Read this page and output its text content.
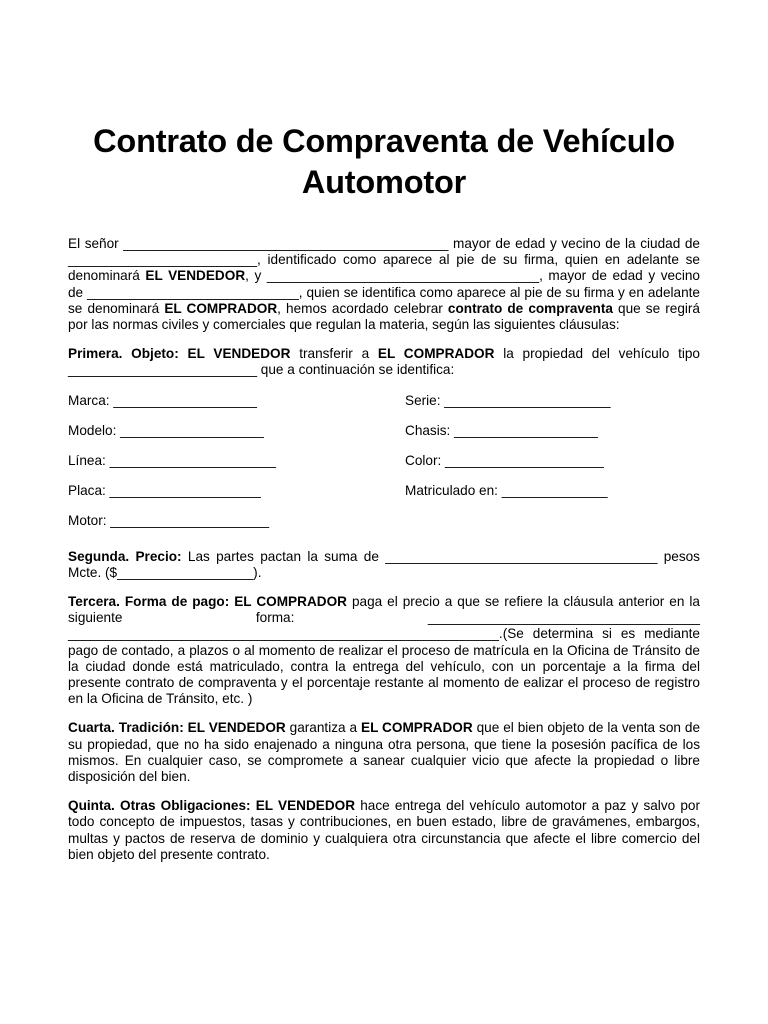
Contrato de Compraventa de Vehículo
Automotor

El señor ___________________________________________ mayor de edad y vecino de la ciudad de _________________________, identificado como aparece al pie de su firma, quien en adelante se denominará EL VENDEDOR, y ____________________________________, mayor de edad y vecino de ____________________________, quien se identifica como aparece al pie de su firma y en adelante se denominará EL COMPRADOR, hemos acordado celebrar contrato de compraventa que se regirá por las normas civiles y comerciales que regulan la materia, según las siguientes cláusulas:

Primera. Objeto: EL VENDEDOR transferir a EL COMPRADOR la propiedad del vehículo tipo _________________________ que a continuación se identifica:

Marca: ___________________	Serie: ______________________
Modelo: ___________________	Chasis: ___________________
Línea: ______________________	Color: _____________________
Placa: ____________________	Matriculado en: ______________
Motor: _____________________

Segunda. Precio: Las partes pactan la suma de ____________________________________ pesos Mcte. ($__________________).

Tercera. Forma de pago: EL COMPRADOR paga el precio a que se refiere la cláusula anterior en la siguiente forma: ____________________________________ _________________________________________________________.(Se determina si es mediante pago de contado, a plazos o al momento de realizar el proceso de matrícula en la Oficina de Tránsito de la ciudad donde está matriculado, contra la entrega del vehículo, con un porcentaje a la firma del presente contrato de compraventa y el porcentaje restante al momento de ealizar el proceso de registro en la Oficina de Tránsito, etc. )

Cuarta. Tradición: EL VENDEDOR garantiza a EL COMPRADOR que el bien objeto de la venta son de su propiedad, que no ha sido enajenado a ninguna otra persona, que tiene la posesión pacífica de los mismos. En cualquier caso, se compromete a sanear cualquier vicio que afecte la propiedad o libre disposición del bien.

Quinta. Otras Obligaciones: EL VENDEDOR hace entrega del vehículo automotor a paz y salvo por todo concepto de impuestos, tasas y contribuciones, en buen estado, libre de gravámenes, embargos, multas y pactos de reserva de dominio y cualquiera otra circunstancia que afecte el libre comercio del bien objeto del presente contrato.
